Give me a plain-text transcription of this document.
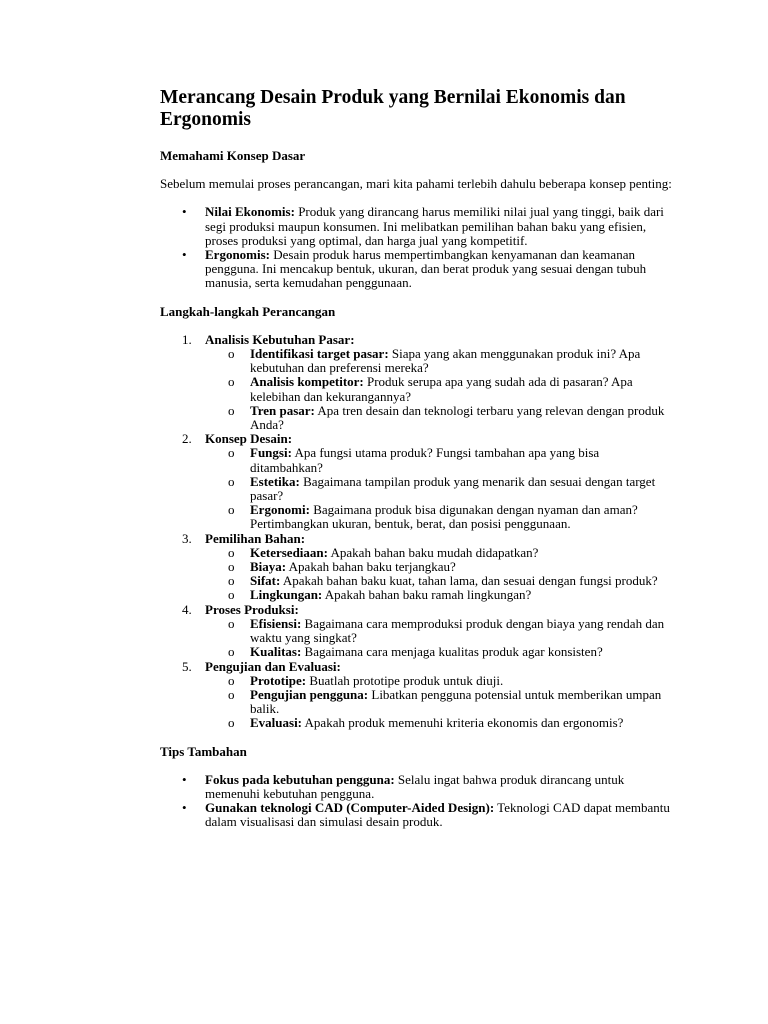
Merancang Desain Produk yang Bernilai Ekonomis dan Ergonomis
Memahami Konsep Dasar

Sebelum memulai proses perancangan, mari kita pahami terlebih dahulu beberapa konsep penting:

• Nilai Ekonomis: Produk yang dirancang harus memiliki nilai jual yang tinggi, baik dari segi produksi maupun konsumen. Ini melibatkan pemilihan bahan baku yang efisien, proses produksi yang optimal, dan harga jual yang kompetitif.
• Ergonomis: Desain produk harus mempertimbangkan kenyamanan dan keamanan pengguna. Ini mencakup bentuk, ukuran, dan berat produk yang sesuai dengan tubuh manusia, serta kemudahan penggunaan.
Langkah-langkah Perancangan
1. Analisis Kebutuhan Pasar:
o Identifikasi target pasar: Siapa yang akan menggunakan produk ini? Apa kebutuhan dan preferensi mereka?
o Analisis kompetitor: Produk serupa apa yang sudah ada di pasaran? Apa kelebihan dan kekurangannya?
o Tren pasar: Apa tren desain dan teknologi terbaru yang relevan dengan produk Anda?
2. Konsep Desain:
o Fungsi: Apa fungsi utama produk? Fungsi tambahan apa yang bisa ditambahkan?
o Estetika: Bagaimana tampilan produk yang menarik dan sesuai dengan target pasar?
o Ergonomi: Bagaimana produk bisa digunakan dengan nyaman dan aman? Pertimbangkan ukuran, bentuk, berat, dan posisi penggunaan.
3. Pemilihan Bahan:
o Ketersediaan: Apakah bahan baku mudah didapatkan?
o Biaya: Apakah bahan baku terjangkau?
o Sifat: Apakah bahan baku kuat, tahan lama, dan sesuai dengan fungsi produk?
o Lingkungan: Apakah bahan baku ramah lingkungan?
4. Proses Produksi:
o Efisiensi: Bagaimana cara memproduksi produk dengan biaya yang rendah dan waktu yang singkat?
o Kualitas: Bagaimana cara menjaga kualitas produk agar konsisten?
5. Pengujian dan Evaluasi:
o Prototipe: Buatlah prototipe produk untuk diuji.
o Pengujian pengguna: Libatkan pengguna potensial untuk memberikan umpan balik.
o Evaluasi: Apakah produk memenuhi kriteria ekonomis dan ergonomis?
Tips Tambahan
• Fokus pada kebutuhan pengguna: Selalu ingat bahwa produk dirancang untuk memenuhi kebutuhan pengguna.
• Gunakan teknologi CAD (Computer-Aided Design): Teknologi CAD dapat membantu dalam visualisasi dan simulasi desain produk.
